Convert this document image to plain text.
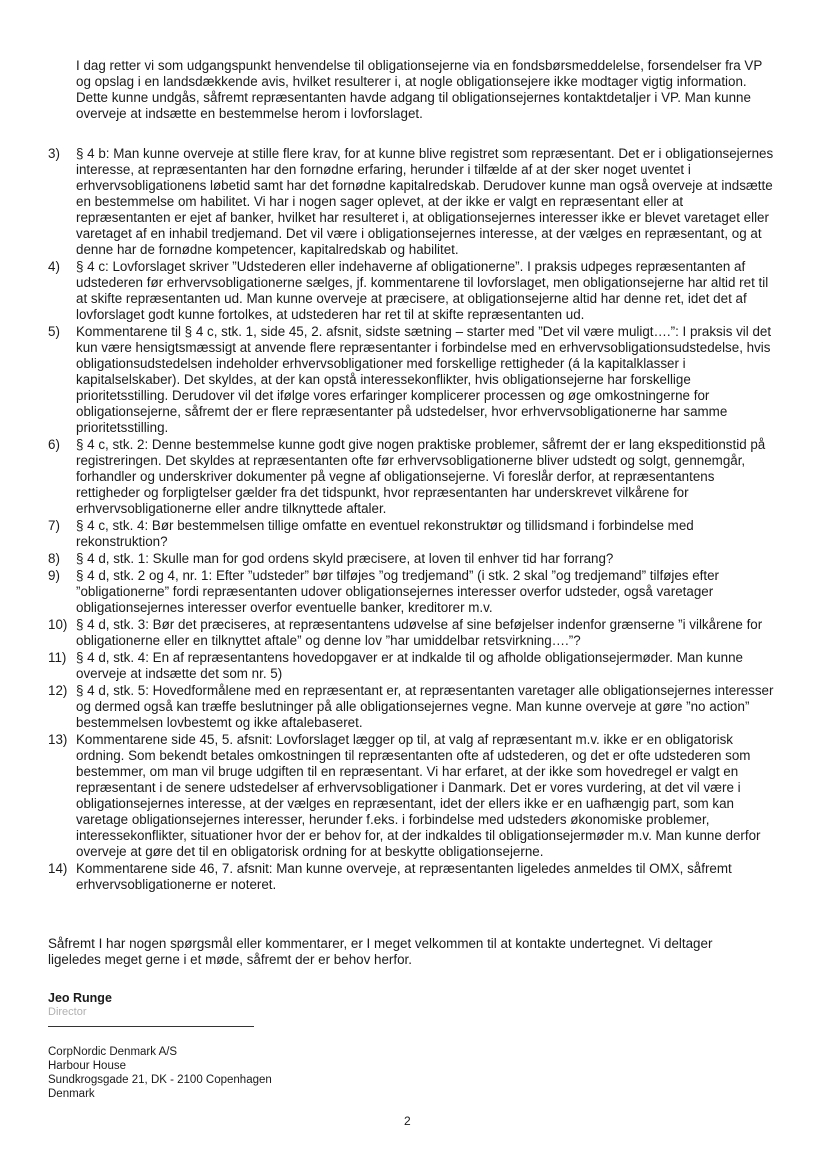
I dag retter vi som udgangspunkt henvendelse til obligationsejerne via en fondsbørsmeddelelse, forsendelser fra VP og opslag i en landsdækkende avis, hvilket resulterer i, at nogle obligationsejere ikke modtager vigtig information. Dette kunne undgås, såfremt repræsentanten havde adgang til obligationsejernes kontaktdetaljer i VP. Man kunne overveje at indsætte en bestemmelse herom i lovforslaget.
3)	§ 4 b: Man kunne overveje at stille flere krav, for at kunne blive registret som repræsentant. Det er i obligationsejernes interesse, at repræsentanten har den fornødne erfaring, herunder i tilfælde af at der sker noget uventet i erhvervsobligationens løbetid samt har det fornødne kapitalredskab. Derudover kunne man også overveje at indsætte en bestemmelse om habilitet. Vi har i nogen sager oplevet, at der ikke er valgt en repræsentant eller at repræsentanten er ejet af banker, hvilket har resulteret i, at obligationsejernes interesser ikke er blevet varetaget eller varetaget af en inhabil tredjemand. Det vil være i obligationsejernes interesse, at der vælges en repræsentant, og at denne har de fornødne kompetencer, kapitalredskab og habilitet.
4)	§ 4 c: Lovforslaget skriver ”Udstederen eller indehaverne af obligationerne”. I praksis udpeges repræsentanten af udstederen før erhvervsobligationerne sælges, jf. kommentarene til lovforslaget, men obligationsejerne har altid ret til at skifte repræsentanten ud. Man kunne overveje at præcisere, at obligationsejerne altid har denne ret, idet det af lovforslaget godt kunne fortolkes, at udstederen har ret til at skifte repræsentanten ud.
5)	Kommentarene til § 4 c, stk. 1, side 45, 2. afsnit, sidste sætning – starter med ”Det vil være muligt….”: I praksis vil det kun være hensigtsmæssigt at anvende flere repræsentanter i forbindelse med en erhvervsobligationsudstedelse, hvis obligationsudstedelsen indeholder erhvervsobligationer med forskellige rettigheder (á la kapitalklasser i kapitalselskaber). Det skyldes, at der kan opstå interessekonflikter, hvis obligationsejerne har forskellige prioritetsstilling. Derudover vil det ifølge vores erfaringer komplicerer processen og øge omkostningerne for obligationsejerne, såfremt der er flere repræsentanter på udstedelser, hvor erhvervsobligationerne har samme prioritetsstilling.
6)	§ 4 c, stk. 2: Denne bestemmelse kunne godt give nogen praktiske problemer, såfremt der er lang ekspeditionstid på registreringen. Det skyldes at repræsentanten ofte før erhvervsobligationerne bliver udstedt og solgt, gennemgår, forhandler og underskriver dokumenter på vegne af obligationsejerne. Vi foreslår derfor, at repræsentantens rettigheder og forpligtelser gælder fra det tidspunkt, hvor repræsentanten har underskrevet vilkårene for erhvervsobligationerne eller andre tilknyttede aftaler.
7)	§ 4 c, stk. 4: Bør bestemmelsen tillige omfatte en eventuel rekonstruktør og tillidsmand i forbindelse med rekonstruktion?
8)	§ 4 d, stk. 1: Skulle man for god ordens skyld præcisere, at loven til enhver tid har forrang?
9)	§ 4 d, stk. 2 og 4, nr. 1: Efter ”udsteder” bør tilføjes ”og tredjemand” (i stk. 2 skal ”og tredjemand” tilføjes efter ”obligationerne” fordi repræsentanten udover obligationsejernes interesser overfor udsteder, også varetager obligationsejernes interesser overfor eventuelle banker, kreditorer m.v.
10) § 4 d, stk. 3: Bør det præciseres, at repræsentantens udøvelse af sine beføjelser indenfor grænserne ”i vilkårene for obligationerne eller en tilknyttet aftale” og denne lov ”har umiddelbar retsvirkning….”?
11) § 4 d, stk. 4: En af repræsentantens hovedopgaver er at indkalde til og afholde obligationsejermøder. Man kunne overveje at indsætte det som nr. 5)
12) § 4 d, stk. 5: Hovedformålene med en repræsentant er, at repræsentanten varetager alle obligationsejernes interesser og dermed også kan træffe beslutninger på alle obligationsejernes vegne. Man kunne overveje at gøre ”no action” bestemmelsen lovbestemt og ikke aftalebaseret.
13) Kommentarene side 45, 5. afsnit: Lovforslaget lægger op til, at valg af repræsentant m.v. ikke er en obligatorisk ordning. Som bekendt betales omkostningen til repræsentanten ofte af udstederen, og det er ofte udstederen som bestemmer, om man vil bruge udgiften til en repræsentant. Vi har erfaret, at der ikke som hovedregel er valgt en repræsentant i de senere udstedelser af erhvervsobligationer i Danmark. Det er vores vurdering, at det vil være i obligationsejernes interesse, at der vælges en repræsentant, idet der ellers ikke er en uafhængig part, som kan varetage obligationsejernes interesser, herunder f.eks. i forbindelse med udsteders økonomiske problemer, interessekonflikter, situationer hvor der er behov for, at der indkaldes til obligationsejermøder m.v. Man kunne derfor overveje at gøre det til en obligatorisk ordning for at beskytte obligationsejerne.
14) Kommentarene side 46, 7. afsnit: Man kunne overveje, at repræsentanten ligeledes anmeldes til OMX, såfremt erhvervsobligationerne er noteret.
Såfremt I har nogen spørgsmål eller kommentarer, er I meget velkommen til at kontakte undertegnet. Vi deltager ligeledes meget gerne i et møde, såfremt der er behov herfor.
Jeo Runge
Director
CorpNordic Denmark A/S
Harbour House
Sundkrogsgade 21, DK - 2100 Copenhagen
Denmark
2
